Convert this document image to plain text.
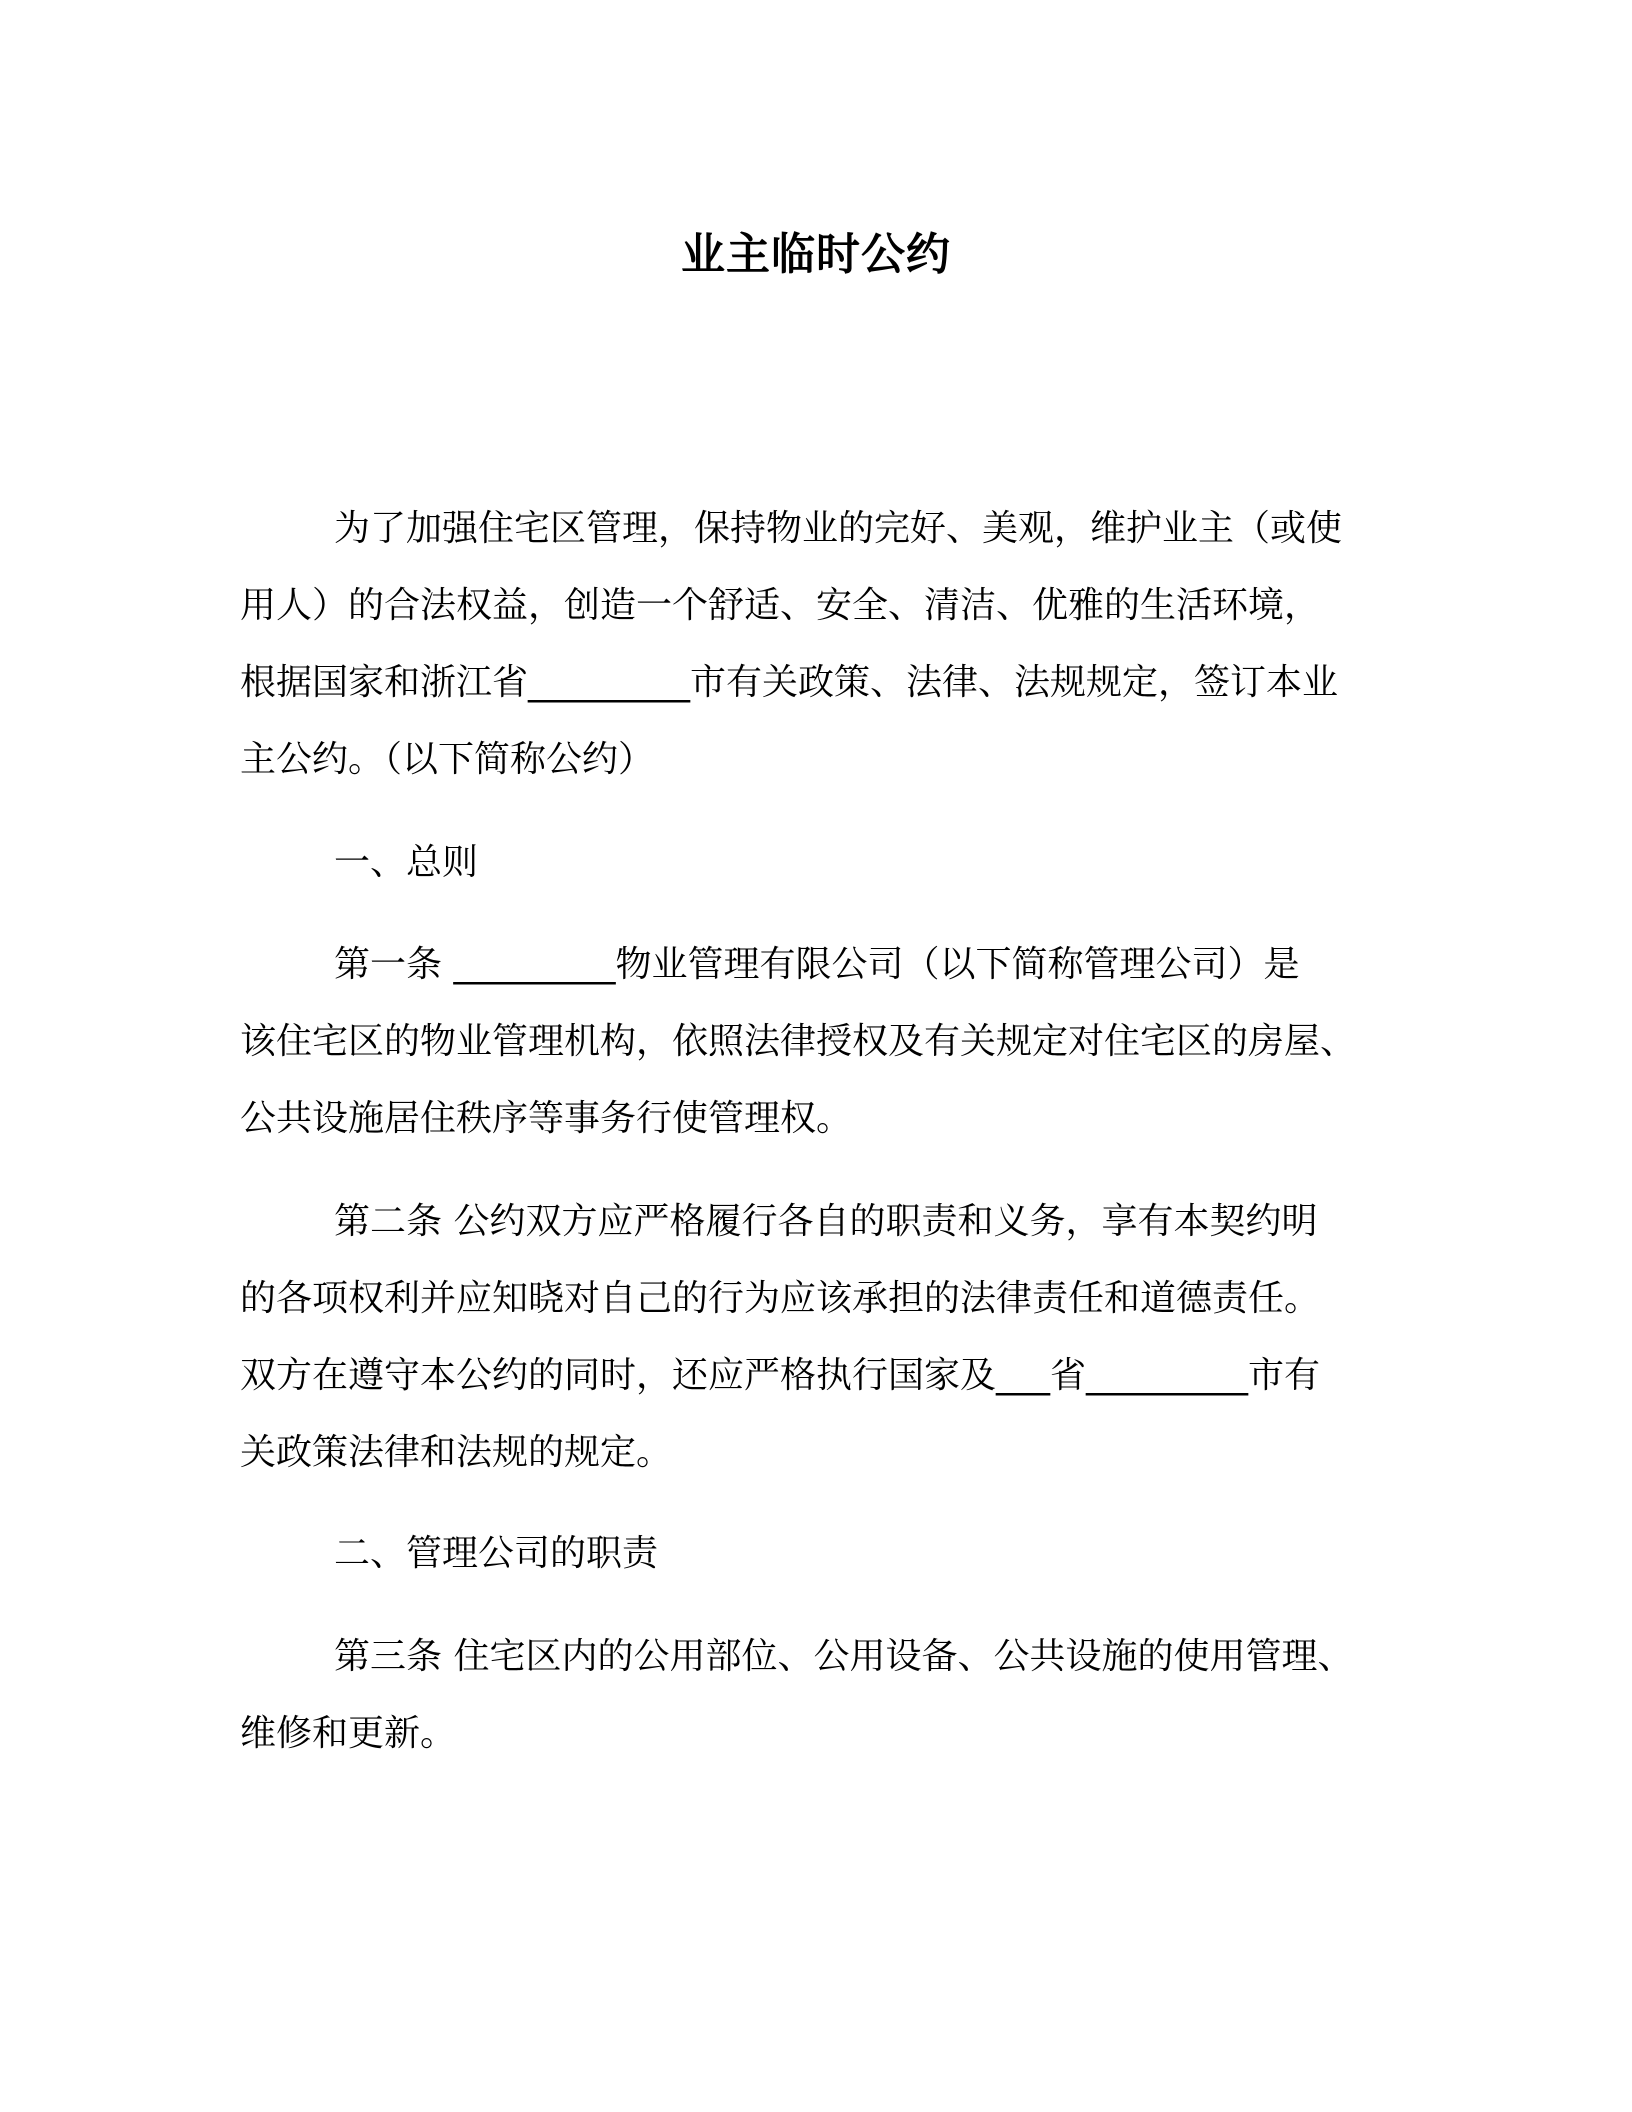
业主临时公约

为了加强住宅区管理，保持物业的完好、美观，维护业主（或使
用人）的合法权益，创造一个舒适、安全、清洁、优雅的生活环境，
根据国家和浙江省_________市有关政策、法律、法规规定，签订本业
主公约。（以下简称公约）

一、总则

第一条 _________物业管理有限公司（以下简称管理公司）是
该住宅区的物业管理机构，依照法律授权及有关规定对住宅区的房屋、
公共设施居住秩序等事务行使管理权。

第二条 公约双方应严格履行各自的职责和义务，享有本契约明
的各项权利并应知晓对自己的行为应该承担的法律责任和道德责任。
双方在遵守本公约的同时，还应严格执行国家及___省_________市有
关政策法律和法规的规定。

二、管理公司的职责

第三条 住宅区内的公用部位、公用设备、公共设施的使用管理、
维修和更新。
